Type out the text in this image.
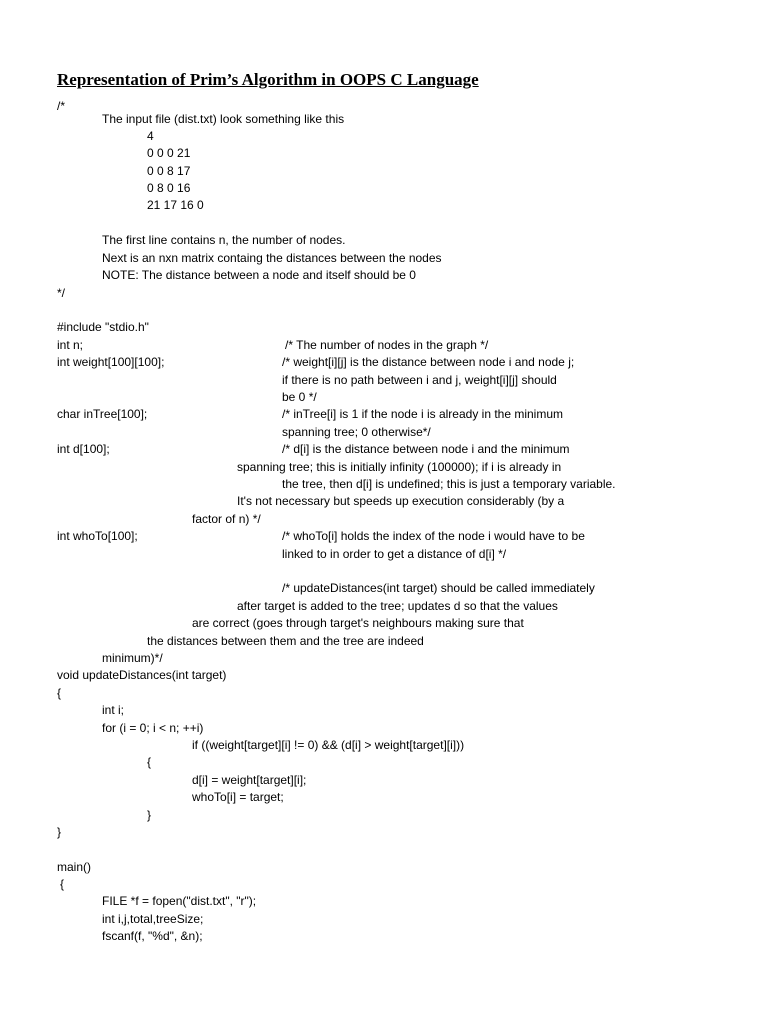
Representation of Prim’s Algorithm in OOPS C Language
/*
The input file (dist.txt) look something like this
4
0 0 0 21
0 0 8 17
0 8 0 16
21 17 16 0
The first line contains n, the number of nodes.
Next is an nxn matrix containg the distances between the nodes
NOTE: The distance between a node and itself should be 0
*/
#include "stdio.h"
int n;	/* The number of nodes in the graph */
int weight[100][100];	/* weight[i][j] is the distance between node i and node j;
if there is no path between i and j, weight[i][j] should
be 0 */
char inTree[100];	/* inTree[i] is 1 if the node i is already in the minimum
spanning tree; 0 otherwise*/
int d[100];	/* d[i] is the distance between node i and the minimum
spanning tree; this is initially infinity (100000); if i is already in
the tree, then d[i] is undefined; this is just a temporary variable.
It's not necessary but speeds up execution considerably (by a
factor of n) */
int whoTo[100];	/* whoTo[i] holds the index of the node i would have to be
linked to in order to get a distance of d[i] */
/* updateDistances(int target) should be called immediately
after target is added to the tree; updates d so that the values
are correct (goes through target's neighbours making sure that
the distances between them and the tree are indeed
minimum)*/
void updateDistances(int target)
{
int i;
for (i = 0; i < n; ++i)
if ((weight[target][i] != 0) && (d[i] > weight[target][i]))
{
d[i] = weight[target][i];
whoTo[i] = target;
}
}
main()
{
FILE *f = fopen("dist.txt", "r");
int i,j,total,treeSize;
fscanf(f, "%d", &n);
